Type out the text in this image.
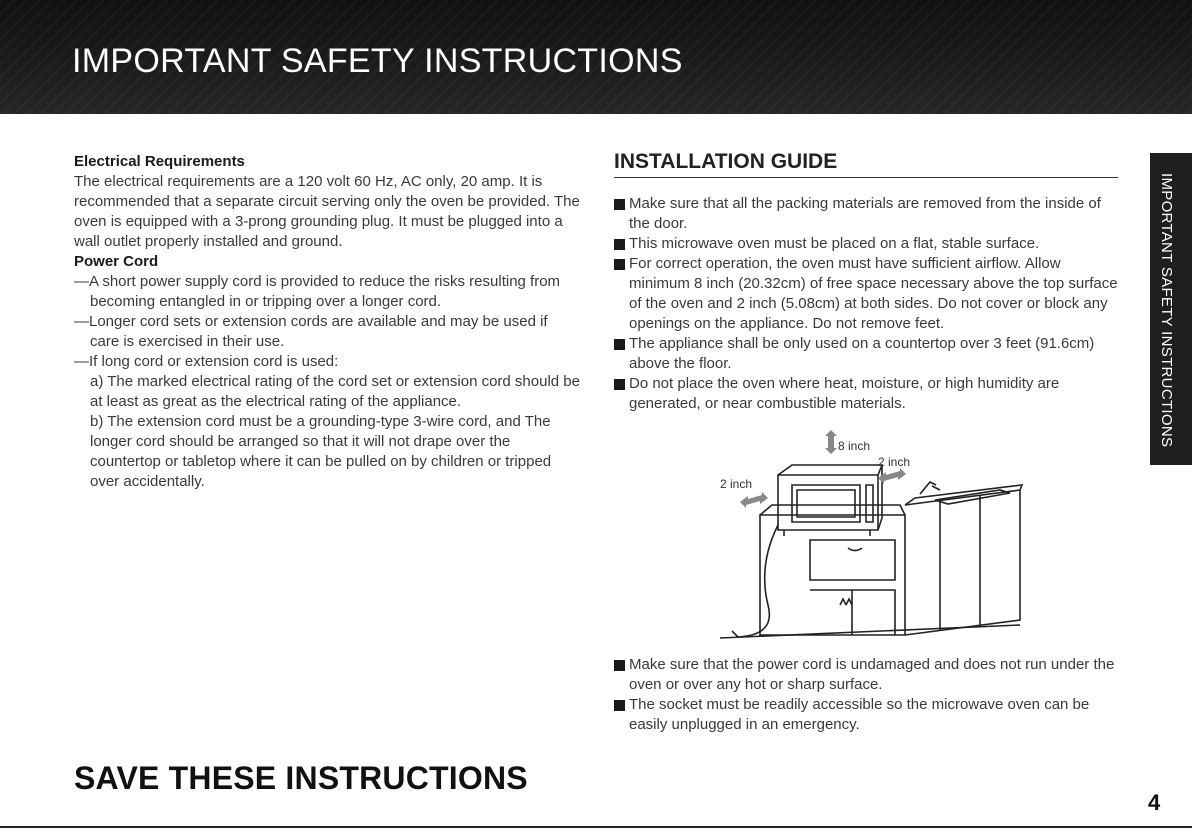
IMPORTANT SAFETY INSTRUCTIONS

Electrical Requirements

The electrical requirements are a 120 volt 60 Hz, AC only, 20 amp. It is recommended that a separate circuit serving only the oven be provided. The oven is equipped with a 3-prong grounding plug. It must be plugged into a wall outlet properly installed and ground.

Power Cord

—A short power supply cord is provided to reduce the risks resulting from becoming entangled in or tripping over a longer cord.

—Longer cord sets or extension cords are available and may be used if care is exercised in their use.

—If long cord or extension cord is used:

a) The marked electrical rating of the cord set or extension cord should be at least as great as the electrical rating of the appliance.

b) The extension cord must be a grounding-type 3-wire cord, and The longer cord should be arranged so that it will not drape over the countertop or tabletop where it can be pulled on by children or tripped over accidentally.

INSTALLATION GUIDE
Make sure that all the packing materials are removed from the inside of the door.
This microwave oven must be placed on a flat, stable surface.
For correct operation, the oven must have sufficient airflow. Allow minimum 8 inch (20.32cm) of free space necessary above the top surface of the oven and 2 inch (5.08cm) at both sides. Do not cover or block any openings on the appliance. Do not remove feet.
The appliance shall be only used on a countertop over 3 feet (91.6cm) above the floor.
Do not place the oven where heat, moisture, or high humidity are generated, or near combustible materials.
8 inch
2 inch
2 inch
Make sure that the power cord is undamaged and does not run under the oven or over any hot or sharp surface.
The socket must be readily accessible so the microwave oven can be easily unplugged in an emergency.
SAVE THESE INSTRUCTIONS
4
IMPORTANT SAFETY INSTRUCTIONS
